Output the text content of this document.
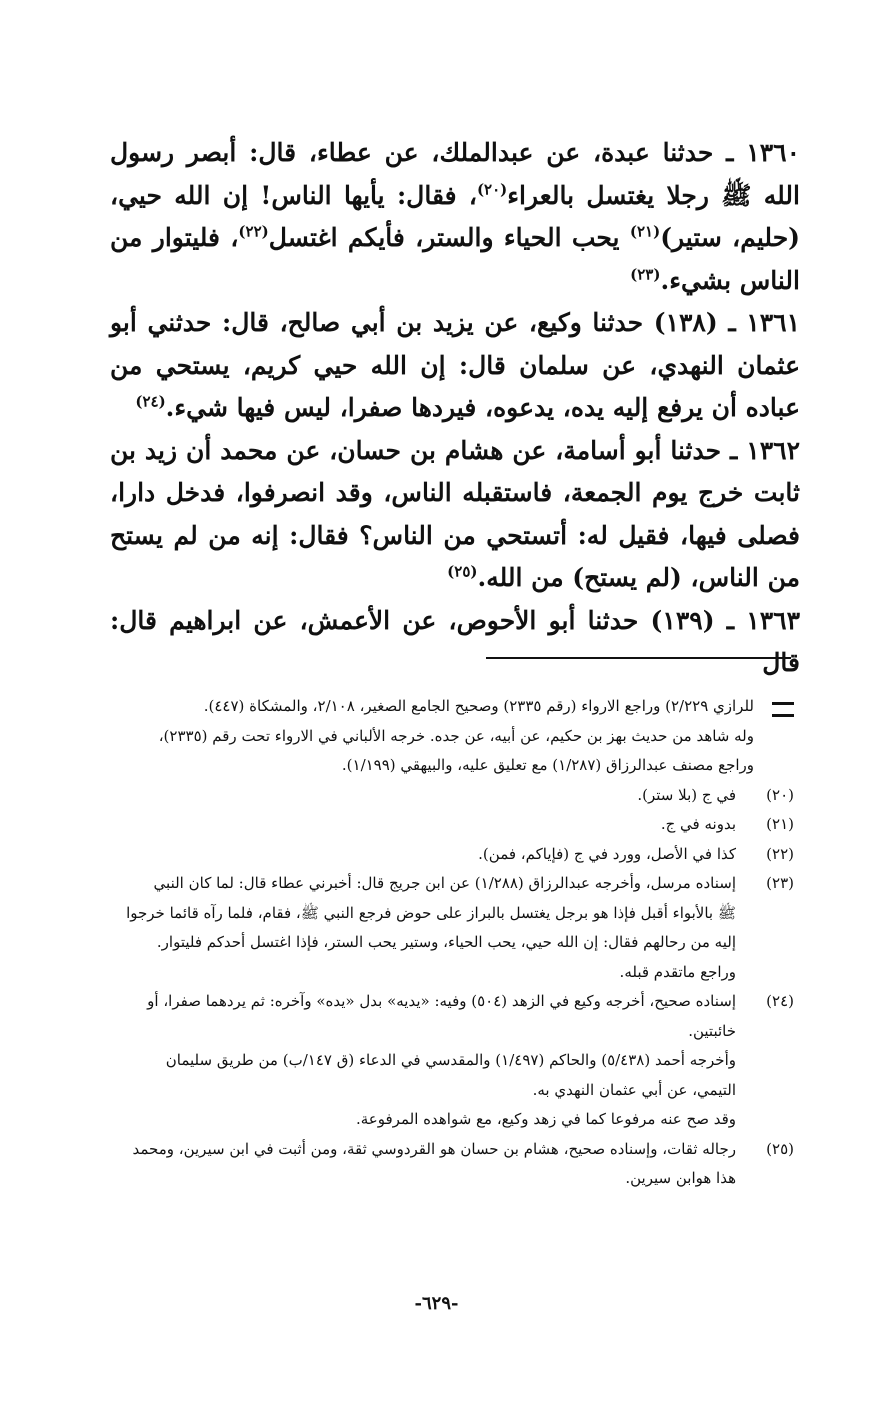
١٣٦٠ ـ حدثنا عبدة، عن عبدالملك، عن عطاء، قال: أبصر رسول الله ﷺ رجلا يغتسل بالعراء$^{(٢٠)}$، فقال: يأيها الناس! إن الله حيي، (حليم، ستير)$^{(٢١)}$ يحب الحياء والستر، فأيكم اغتسل$^{(٢٢)}$، فليتوار من الناس بشيء.$^{(٢٣)}$

١٣٦١ ـ (١٣٨) حدثنا وكيع، عن يزيد بن أبي صالح، قال: حدثني أبو عثمان النهدي، عن سلمان قال: إن الله حيي كريم، يستحي من عباده أن يرفع إليه يده، يدعوه، فيردها صفرا، ليس فيها شيء.$^{(٢٤)}$

١٣٦٢ ـ حدثنا أبو أسامة، عن هشام بن حسان، عن محمد أن زيد بن ثابت خرج يوم الجمعة، فاستقبله الناس، وقد انصرفوا، فدخل دارا، فصلى فيها، فقيل له: أتستحي من الناس؟ فقال: إنه من لم يستح من الناس، (لم يستح) من الله.$^{(٢٥)}$

١٣٦٣ ـ (١٣٩) حدثنا أبو الأحوص، عن الأعمش، عن ابراهيم قال: قال

للرازي ٢/٢٢٩) وراجع الارواء (رقم ٢٣٣٥) وصحيح الجامع الصغير، ٢/١٠٨، والمشكاة (٤٤٧).

وله شاهد من حديث بهز بن حكيم، عن أبيه، عن جده. خرجه الألباني في الارواء تحت رقم (٢٣٣٥)،

وراجع مصنف عبدالرزاق (١/٢٨٧) مع تعليق عليه، والبيهقي (١/١٩٩).

(٢٠)

في ج (بلا ستر).

(٢١)

بدونه في ج.

(٢٢)

كذا في الأصل، وورد في ج (فإياكم، فمن).

(٢٣)

إسناده مرسل، وأخرجه عبدالرزاق (١/٢٨٨) عن ابن جريج قال: أخبرني عطاء قال: لما كان النبي

ﷺ بالأبواء أقبل فإذا هو برجل يغتسل بالبراز على حوض فرجع النبي ﷺ، فقام، فلما رآه قائما خرجوا

إليه من رحالهم فقال: إن الله حيي، يحب الحياء، وستير يحب الستر، فإذا اغتسل أحدكم فليتوار.

وراجع ماتقدم قبله.

(٢٤)

إسناده صحيح، أخرجه وكيع في الزهد (٥٠٤) وفيه: «يديه» بدل «يده» وآخره: ثم يردهما صفرا، أو

خائبتين.

وأخرجه أحمد (٥/٤٣٨) والحاكم (١/٤٩٧) والمقدسي في الدعاء (ق ١٤٧/ب) من طريق سليمان

التيمي، عن أبي عثمان النهدي به.

وقد صح عنه مرفوعا كما في زهد وكيع، مع شواهده المرفوعة.

(٢٥)

رجاله ثقات، وإسناده صحيح، هشام بن حسان هو القردوسي ثقة، ومن أثبت في ابن سيرين، ومحمد

هذا هوابن سيرين.

-٦٢٩-
